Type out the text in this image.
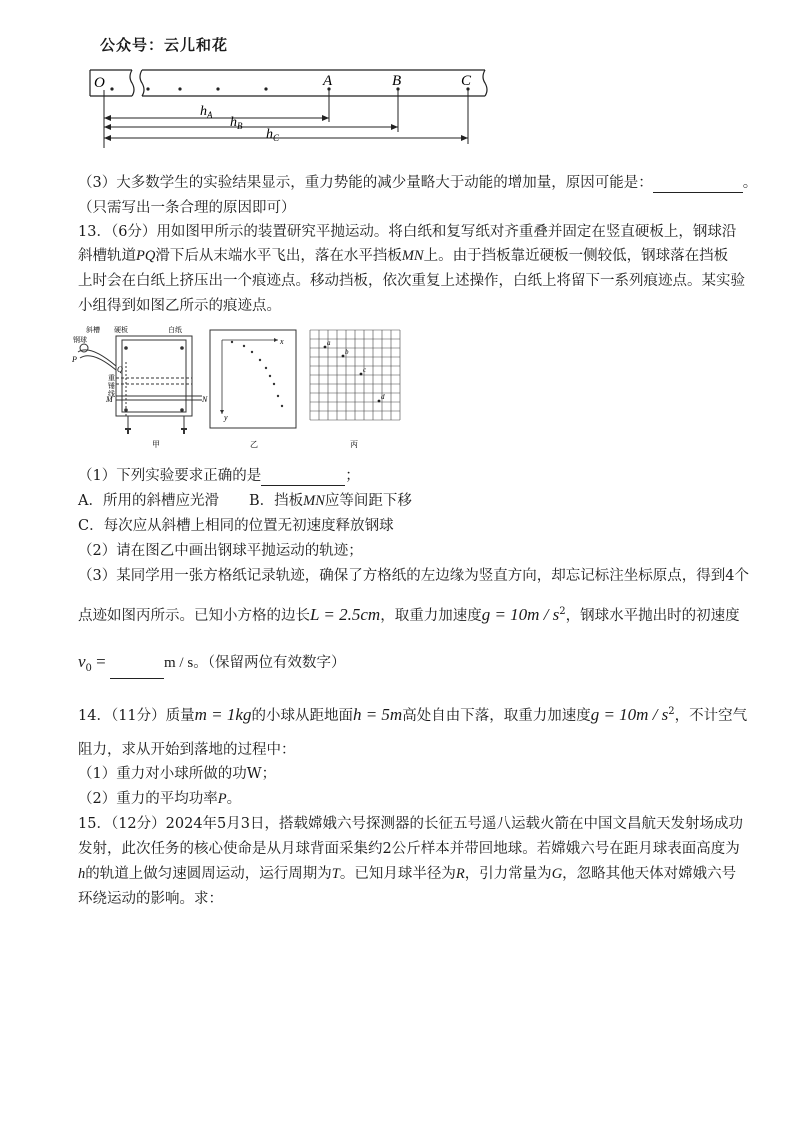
公众号：云儿和花
O	A	B	C
$h_A$ $h_B$
$h_C$
（3）大多数学生的实验结果显示，重力势能的减少量略大于动能的增加量，原因可能是：	。
（只需写出一条合理的原因即可）
13．（6分）用如图甲所示的装置研究平抛运动。将白纸和复写纸对齐重叠并固定在竖直硬板上，钢球沿
斜槽轨道PQ滑下后从末端水平飞出，落在水平挡板MN上。由于挡板靠近硬板一侧较低，钢球落在挡板
上时会在白纸上挤压出一个痕迹点。移动挡板，依次重复上述操作，白纸上将留下一系列痕迹点。某实验
小组得到如图乙所示的痕迹点。
斜槽
钢球
硬板	白纸
P
Q
重
锤
线
M	N
甲
x
y
乙
a
b
c
d
丙
（1）下列实验要求正确的是	；
A．所用的斜槽应光滑 B．挡板MN应等间距下移
C．每次应从斜槽上相同的位置无初速度释放钢球
（2）请在图乙中画出钢球平抛运动的轨迹；
（3）某同学用一张方格纸记录轨迹，确保了方格纸的左边缘为竖直方向，却忘记标注坐标原点，得到4个
点迹如图丙所示。已知小方格的边长L = 2.5cm，取重力加速度$g = 10m / s^2$，钢球水平抛出时的初速度
$v_0$ =	m / s。（保留两位有效数字）
14．（11分）质量m = 1kg的小球从距地面h = 5m高处自由下落，取重力加速度$g = 10m / s^2$，不计空气
阻力，求从开始到落地的过程中：
（1）重力对小球所做的功W；
（2）重力的平均功率P。
15．（12分）2024年5月3日，搭载嫦娥六号探测器的长征五号遥八运载火箭在中国文昌航天发射场成功
发射，此次任务的核心使命是从月球背面采集约2公斤样本并带回地球。若嫦娥六号在距月球表面高度为
h的轨道上做匀速圆周运动，运行周期为T。已知月球半径为R，引力常量为G，忽略其他天体对嫦娥六号
环绕运动的影响。求：
